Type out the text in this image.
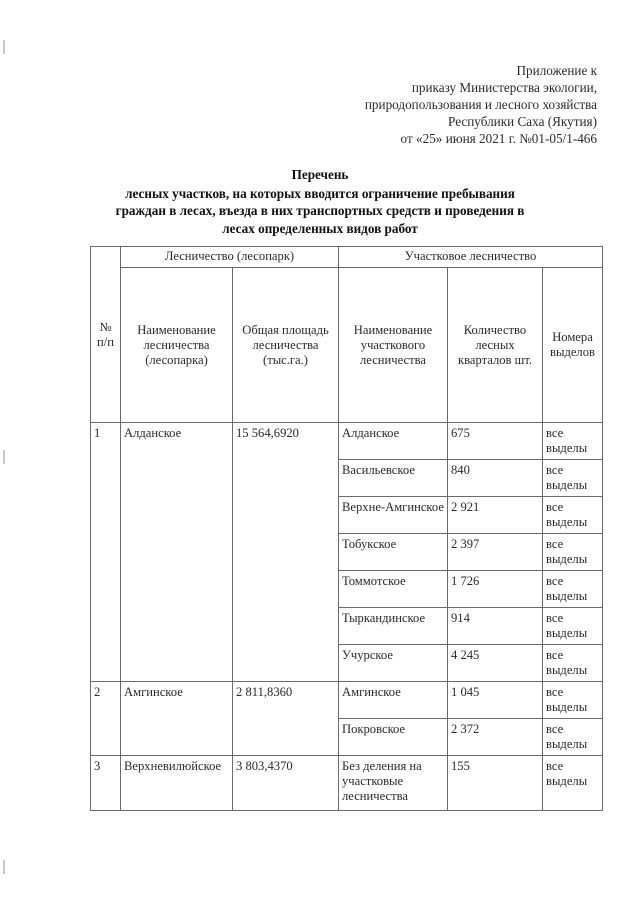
Приложение к
приказу Министерства экологии,
природопользования и лесного хозяйства
Республики Саха (Якутия)
от «25» июня 2021 г. №01-05/1-466
Перечень
лесных участков, на которых вводится ограничение пребывания
граждан в лесах, въезда в них транспортных средств и проведения в
лесах определенных видов работ
№ п/п	Лесничество (лесопарк)		Участковое лесничество		
	Наименование лесничества (лесопарка)	Общая площадь лесничества (тыс.га.)	Наименование участкового лесничества	Количество лесных кварталов шт.	Номера выделов
1	Алданское	15 564,6920	Алданское	675	все выделы
			Васильевское	840	все выделы
			Верхне-Амгинское	2 921	все выделы
			Тобукское	2 397	все выделы
			Томмотское	1 726	все выделы
			Тыркандинское	914	все выделы
			Учурское	4 245	все выделы
2	Амгинское	2 811,8360	Амгинское	1 045	все выделы
			Покровское	2 372	все выделы
3	Верхневилюйское	3 803,4370	Без деления на участковые лесничества	155	все выделы
